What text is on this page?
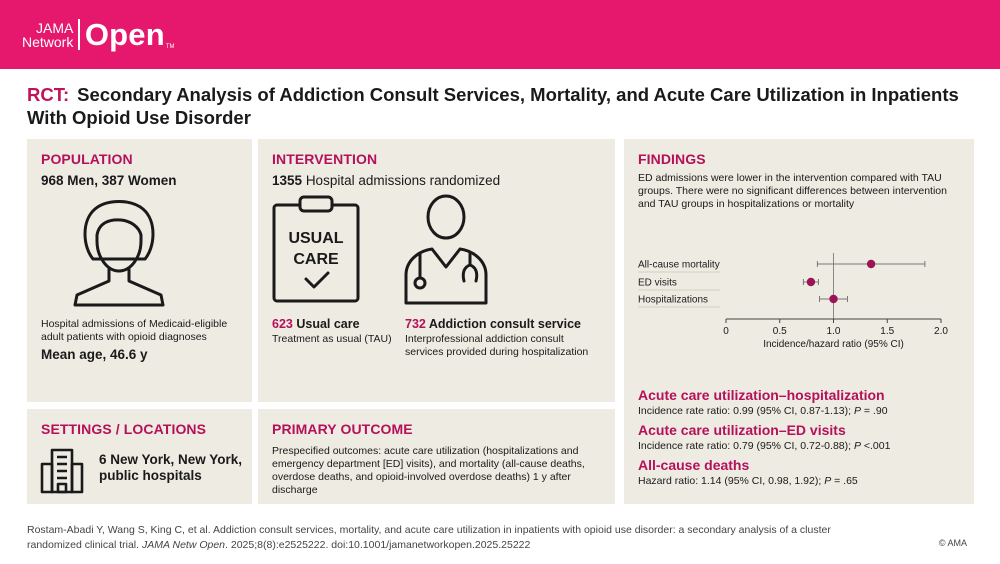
JAMA
Network Open TM
RCT: Secondary Analysis of Addiction Consult Services, Mortality, and Acute Care Utilization in Inpatients With Opioid Use Disorder
POPULATION
968 Men, 387 Women
Hospital admissions of Medicaid-eligible adult patients with opioid diagnoses
Mean age, 46.6 y
INTERVENTION
1355 Hospital admissions randomized
USUAL
CARE
623 Usual care
Treatment as usual (TAU)
732 Addiction consult service
Interprofessional addiction consult services provided during hospitalization
FINDINGS
ED admissions were lower in the intervention compared with TAU groups. There were no significant differences between intervention and TAU groups in hospitalizations or mortality
0	0.5	1.0	1.5	2.0
Incidence/hazard ratio (95% CI)
All-cause mortality
ED visits
Hospitalizations
Acute care utilization–hospitalization
Incidence rate ratio: 0.99 (95% CI, 0.87-1.13); P = .90
Acute care utilization–ED visits
Incidence rate ratio: 0.79 (95% CI, 0.72-0.88); P <.001
All-cause deaths
Hazard ratio: 1.14 (95% CI, 0.98, 1.92); P = .65
SETTINGS / LOCATIONS
6 New York, New York,
public hospitals
PRIMARY OUTCOME
Prespecified outcomes: acute care utilization (hospitalizations and emergency department [ED] visits), and mortality (all-cause deaths, overdose deaths, and opioid-involved overdose deaths) 1 y after discharge
Rostam-Abadi Y, Wang S, King C, et al. Addiction consult services, mortality, and acute care utilization in inpatients with opioid use disorder: a secondary analysis of a cluster randomized clinical trial. JAMA Netw Open. 2025;8(8):e2525222. doi:10.1001/jamanetworkopen.2025.25222	© AMA
